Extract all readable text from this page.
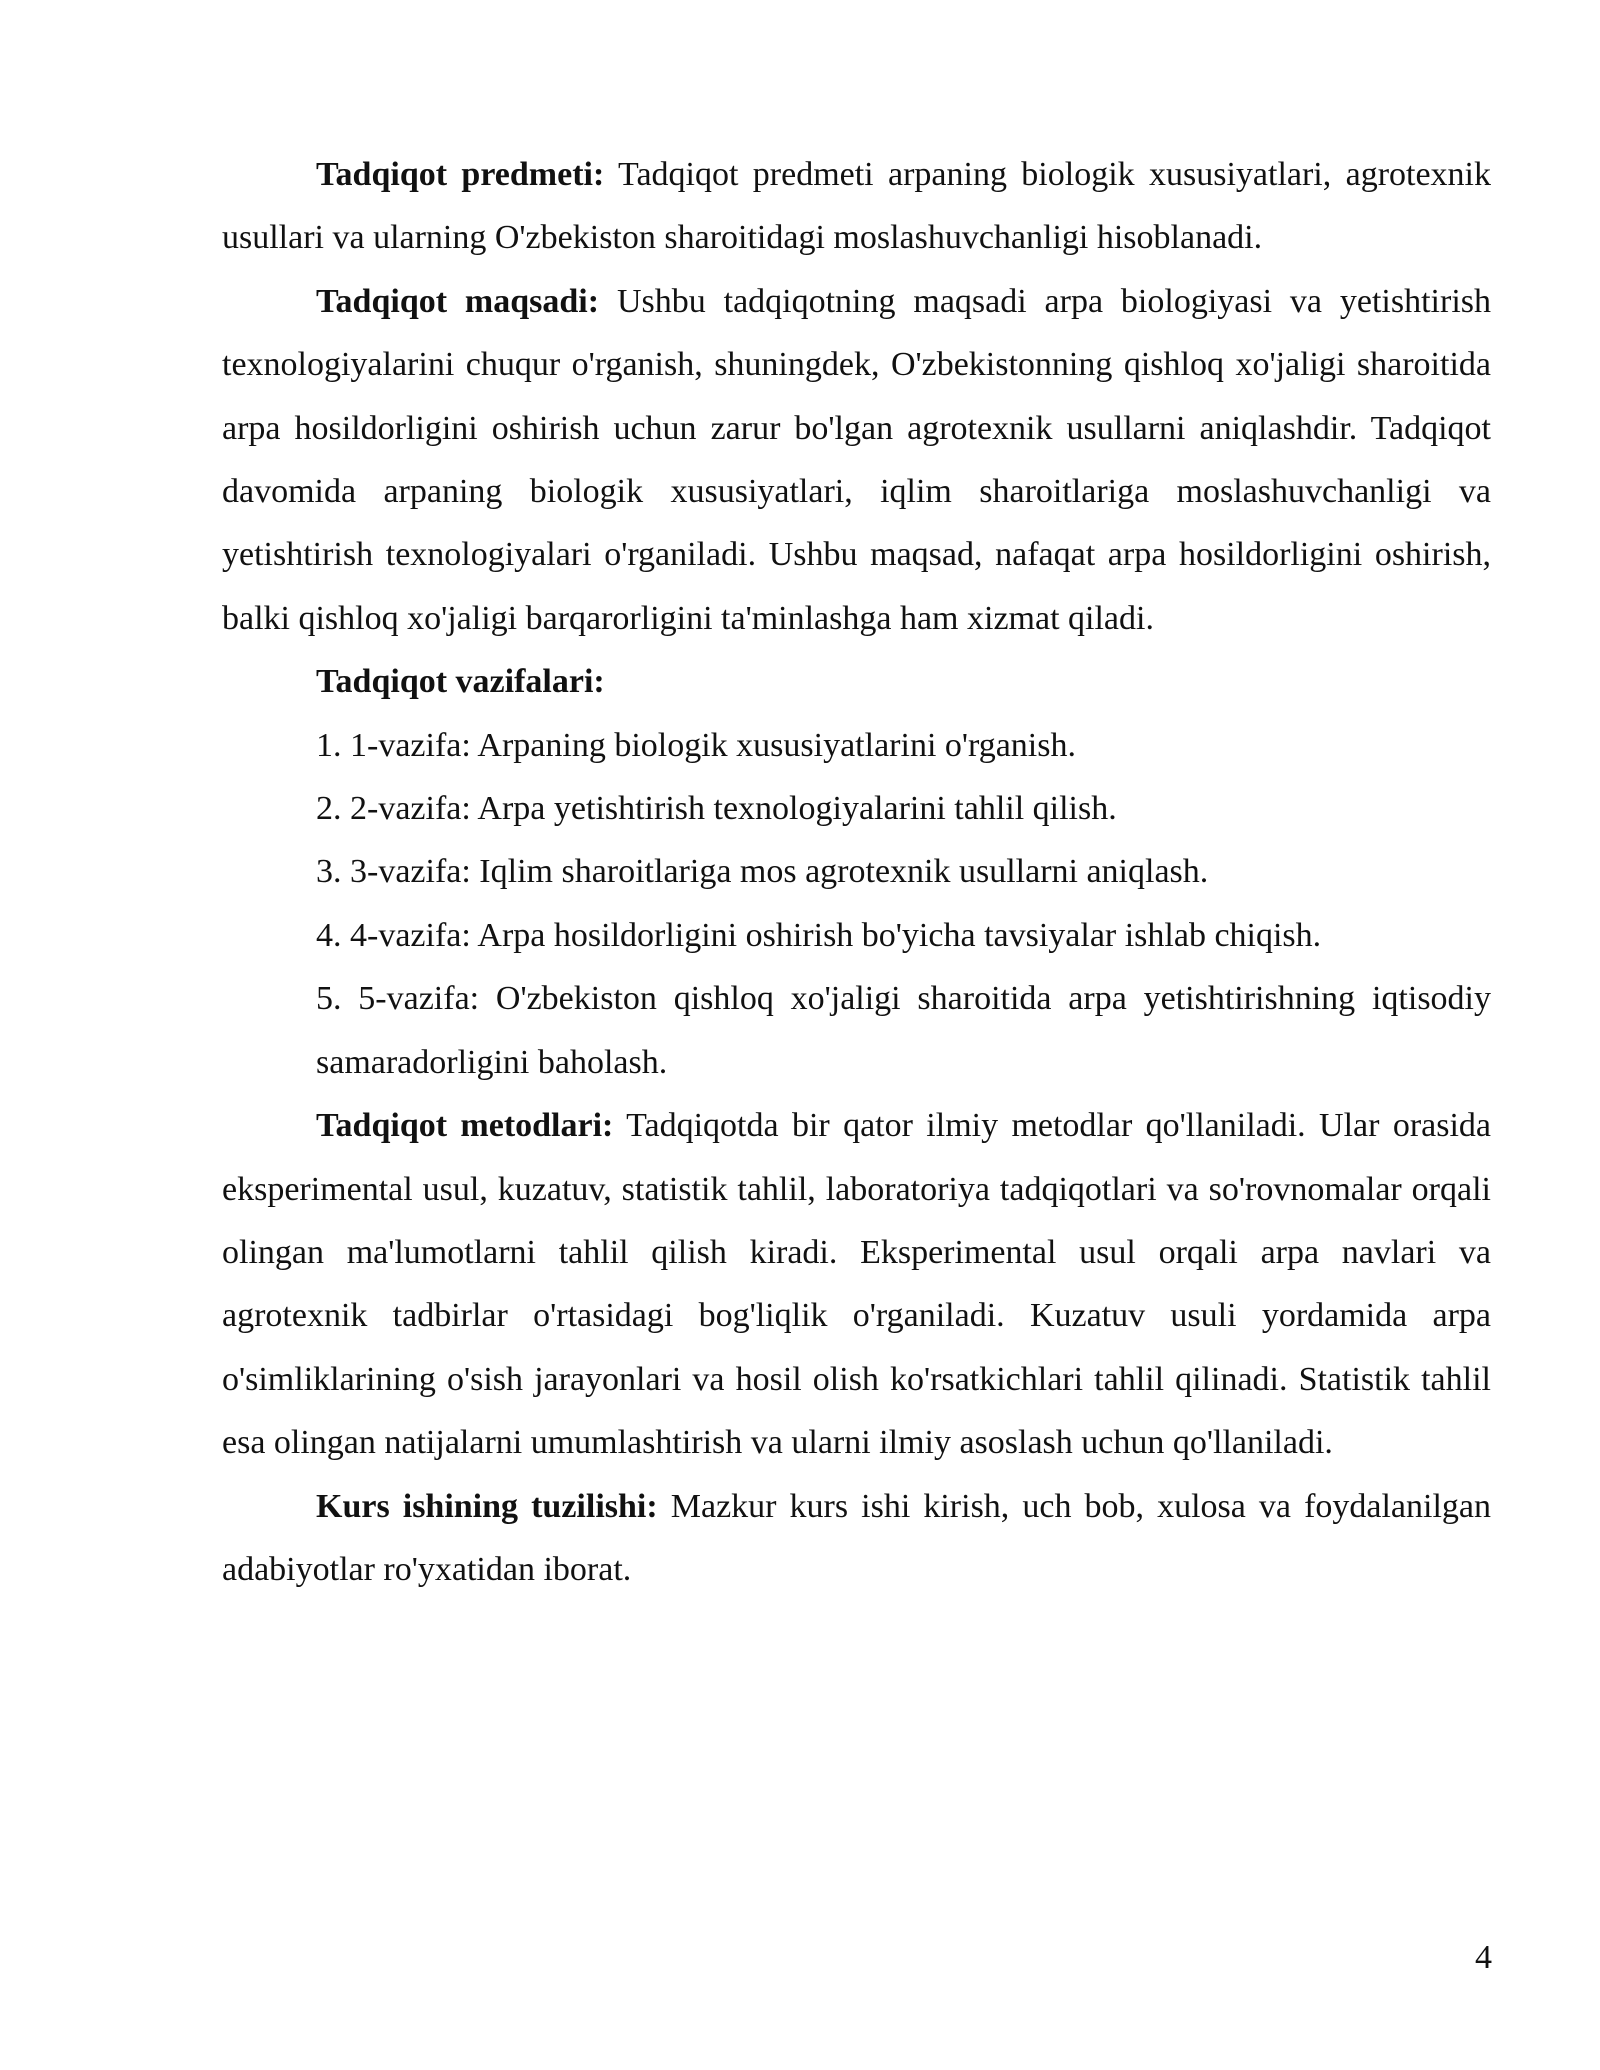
Tadqiqot predmeti: Tadqiqot predmeti arpaning biologik xususiyatlari, agrotexnik usullari va ularning O'zbekiston sharoitidagi moslashuvchanligi hisoblanadi.

Tadqiqot maqsadi: Ushbu tadqiqotning maqsadi arpa biologiyasi va yetishtirish texnologiyalarini chuqur o'rganish, shuningdek, O'zbekistonning qishloq xo'jaligi sharoitida arpa hosildorligini oshirish uchun zarur bo'lgan agrotexnik usullarni aniqlashdir. Tadqiqot davomida arpaning biologik xususiyatlari, iqlim sharoitlariga moslashuvchanligi va yetishtirish texnologiyalari o'rganiladi. Ushbu maqsad, nafaqat arpa hosildorligini oshirish, balki qishloq xo'jaligi barqarorligini ta'minlashga ham xizmat qiladi.

Tadqiqot vazifalari:

1. 1-vazifa: Arpaning biologik xususiyatlarini o'rganish.
2. 2-vazifa: Arpa yetishtirish texnologiyalarini tahlil qilish.
3. 3-vazifa: Iqlim sharoitlariga mos agrotexnik usullarni aniqlash.
4. 4-vazifa: Arpa hosildorligini oshirish bo'yicha tavsiyalar ishlab chiqish.
5. 5-vazifa: O'zbekiston qishloq xo'jaligi sharoitida arpa yetishtirishning iqtisodiy samaradorligini baholash.

Tadqiqot metodlari: Tadqiqotda bir qator ilmiy metodlar qo'llaniladi. Ular orasida eksperimental usul, kuzatuv, statistik tahlil, laboratoriya tadqiqotlari va so'rovnomalar orqali olingan ma'lumotlarni tahlil qilish kiradi. Eksperimental usul orqali arpa navlari va agrotexnik tadbirlar o'rtasidagi bog'liqlik o'rganiladi. Kuzatuv usuli yordamida arpa o'simliklarining o'sish jarayonlari va hosil olish ko'rsatkichlari tahlil qilinadi. Statistik tahlil esa olingan natijalarni umumlashtirish va ularni ilmiy asoslash uchun qo'llaniladi.

Kurs ishining tuzilishi: Mazkur kurs ishi kirish, uch bob, xulosa va foydalanilgan adabiyotlar ro'yxatidan iborat.

4
